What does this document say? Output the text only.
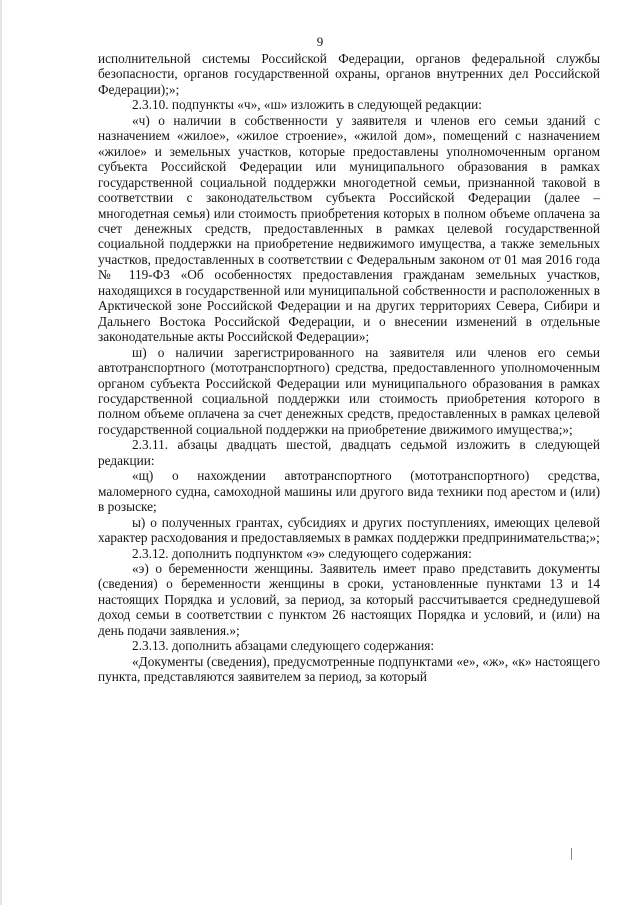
9

исполнительной системы Российской Федерации, органов федеральной службы безопасности, органов государственной охраны, органов внутренних дел Российской Федерации);»;

2.3.10. подпункты «ч», «ш» изложить в следующей редакции:

«ч) о наличии в собственности у заявителя и членов его семьи зданий с назначением «жилое», «жилое строение», «жилой дом», помещений с назначением «жилое» и земельных участков, которые предоставлены уполномоченным органом субъекта Российской Федерации или муниципального образования в рамках государственной социальной поддержки многодетной семьи, признанной таковой в соответствии с законодательством субъекта Российской Федерации (далее – многодетная семья) или стоимость приобретения которых в полном объеме оплачена за счет денежных средств, предоставленных в рамках целевой государственной социальной поддержки на приобретение недвижимого имущества, а также земельных участков, предоставленных в соответствии с Федеральным законом от 01 мая 2016 года № 119-ФЗ «Об особенностях предоставления гражданам земельных участков, находящихся в государственной или муниципальной собственности и расположенных в Арктической зоне Российской Федерации и на других территориях Севера, Сибири и Дальнего Востока Российской Федерации, и о внесении изменений в отдельные законодательные акты Российской Федерации»;

ш) о наличии зарегистрированного на заявителя или членов его семьи автотранспортного (мототранспортного) средства, предоставленного уполномоченным органом субъекта Российской Федерации или муниципального образования в рамках государственной социальной поддержки или стоимость приобретения которого в полном объеме оплачена за счет денежных средств, предоставленных в рамках целевой государственной социальной поддержки на приобретение движимого имущества;»;

2.3.11. абзацы двадцать шестой, двадцать седьмой изложить в следующей редакции:

«щ) о нахождении автотранспортного (мототранспортного) средства, маломерного судна, самоходной машины или другого вида техники под арестом и (или) в розыске;

ы) о полученных грантах, субсидиях и других поступлениях, имеющих целевой характер расходования и предоставляемых в рамках поддержки предпринимательства;»;

2.3.12. дополнить подпунктом «э» следующего содержания:

«э) о беременности женщины. Заявитель имеет право представить документы (сведения) о беременности женщины в сроки, установленные пунктами 13 и 14 настоящих Порядка и условий, за период, за который рассчитывается среднедушевой доход семьи в соответствии с пунктом 26 настоящих Порядка и условий, и (или) на день подачи заявления.»;

2.3.13. дополнить абзацами следующего содержания:

«Документы (сведения), предусмотренные подпунктами «е», «ж», «к» настоящего пункта, представляются заявителем за период, за который
